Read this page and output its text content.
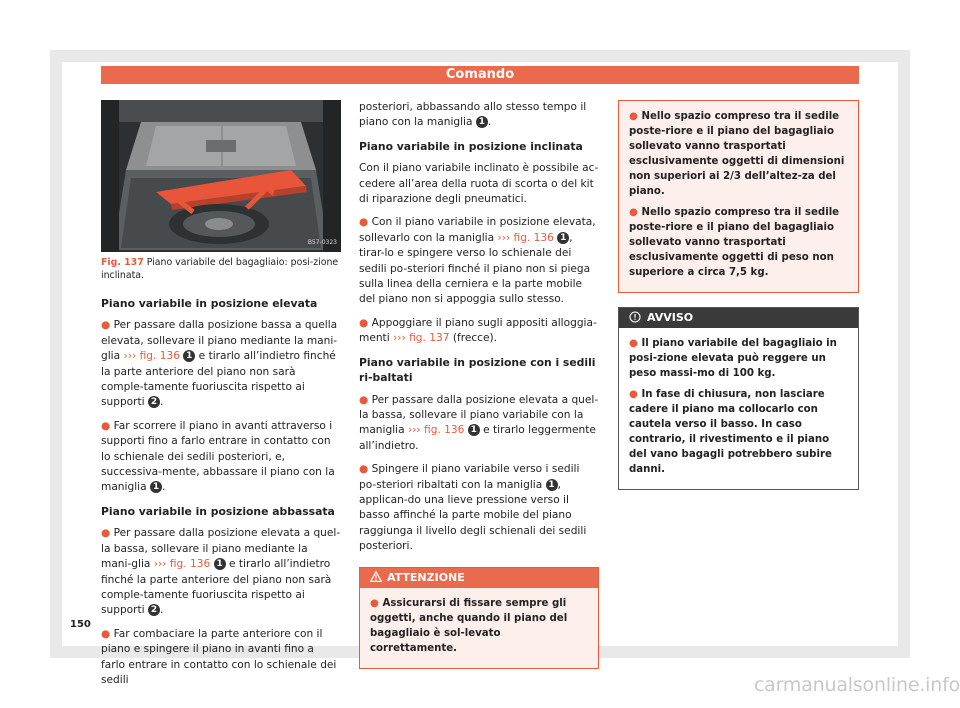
Comando
B57-0323
Fig. 137 Piano variabile del bagagliaio: posi-zione inclinata.
Piano variabile in posizione elevata

● Per passare dalla posizione bassa a quella elevata, sollevare il piano mediante la mani-glia ››› fig. 136 1 e tirarlo all’indietro finché la parte anteriore del piano non sarà comple-tamente fuoriuscita rispetto ai supporti 2 .

● Far scorrere il piano in avanti attraverso i supporti fino a farlo entrare in contatto con lo schienale dei sedili posteriori, e, successiva-mente, abbassare il piano con la maniglia 1 .

Piano variabile in posizione abbassata

● Per passare dalla posizione elevata a quel-la bassa, sollevare il piano mediante la mani-glia ››› fig. 136 1 e tirarlo all’indietro finché la parte anteriore del piano non sarà comple-tamente fuoriuscita rispetto ai supporti 2 .

● Far combaciare la parte anteriore con il piano e spingere il piano in avanti fino a farlo entrare in contatto con lo schienale dei sedili

posteriori, abbassando allo stesso tempo il piano con la maniglia 1 .

Piano variabile in posizione inclinata

Con il piano variabile inclinato è possibile ac-cedere all’area della ruota di scorta o del kit di riparazione degli pneumatici.

● Con il piano variabile in posizione elevata, sollevarlo con la maniglia ››› fig. 136 1 , tirar-lo e spingere verso lo schienale dei sedili po-steriori finché il piano non si piega sulla linea della cerniera e la parte mobile del piano non si appoggia sullo stesso.

● Appoggiare il piano sugli appositi alloggia-menti ››› fig. 137 (frecce).

Piano variabile in posizione con i sedili ri-baltati

● Per passare dalla posizione elevata a quel-la bassa, sollevare il piano variabile con la maniglia ››› fig. 136 1 e tirarlo leggermente all’indietro.

● Spingere il piano variabile verso i sedili po-steriori ribaltati con la maniglia 1 , applican-do una lieve pressione verso il basso affinché la parte mobile del piano raggiunga il livello degli schienali dei sedili posteriori.

ATTENZIONE

● Assicurarsi di fissare sempre gli oggetti, anche quando il piano del bagagliaio è sol-levato correttamente.

● Nello spazio compreso tra il sedile poste-riore e il piano del bagagliaio sollevato vanno trasportati esclusivamente oggetti di dimensioni non superiori ai 2/3 dell’altez-za del piano.

● Nello spazio compreso tra il sedile poste-riore e il piano del bagagliaio sollevato vanno trasportati esclusivamente oggetti di peso non superiore a circa 7,5 kg.

AVVISO

● Il piano variabile del bagagliaio in posi-zione elevata può reggere un peso massi-mo di 100 kg.

● In fase di chiusura, non lasciare cadere il piano ma collocarlo con cautela verso il basso. In caso contrario, il rivestimento e il piano del vano bagagli potrebbero subire danni.

150
carmanualsonline.info
